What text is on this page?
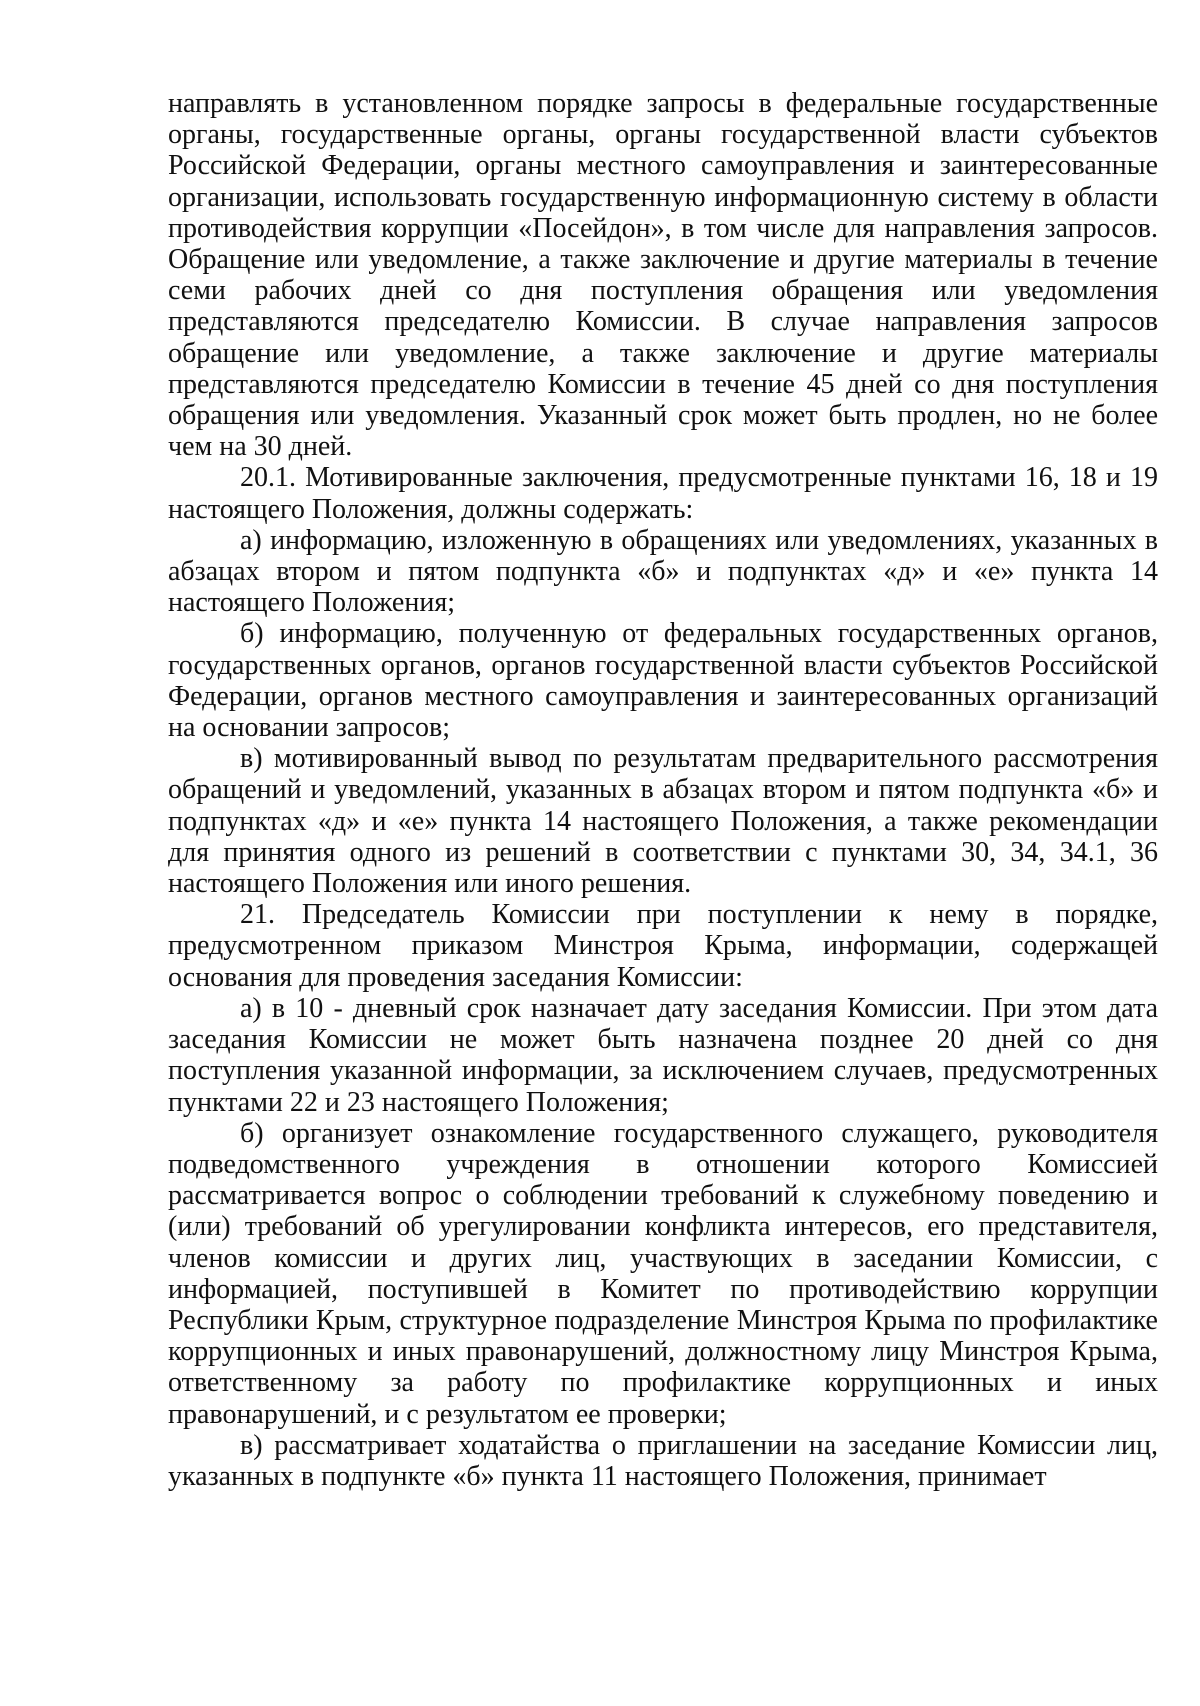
направлять в установленном порядке запросы в федеральные государственные органы, государственные органы, органы государственной власти субъектов Российской Федерации, органы местного самоуправления и заинтересованные организации, использовать государственную информационную систему в области противодействия коррупции «Посейдон», в том числе для направления запросов. Обращение или уведомление, а также заключение и другие материалы в течение семи рабочих дней со дня поступления обращения или уведомления представляются председателю Комиссии. В случае направления запросов обращение или уведомление, а также заключение и другие материалы представляются председателю Комиссии в течение 45 дней со дня поступления обращения или уведомления. Указанный срок может быть продлен, но не более чем на 30 дней.

20.1. Мотивированные заключения, предусмотренные пунктами 16, 18 и 19 настоящего Положения, должны содержать:

а) информацию, изложенную в обращениях или уведомлениях, указанных в абзацах втором и пятом подпункта «б» и подпунктах «д» и «е» пункта 14 настоящего Положения;

б) информацию, полученную от федеральных государственных органов, государственных органов, органов государственной власти субъектов Российской Федерации, органов местного самоуправления и заинтересованных организаций на основании запросов;

в) мотивированный вывод по результатам предварительного рассмотрения обращений и уведомлений, указанных в абзацах втором и пятом подпункта «б» и подпунктах «д» и «е» пункта 14 настоящего Положения, а также рекомендации для принятия одного из решений в соответствии с пунктами 30, 34, 34.1, 36 настоящего Положения или иного решения.

21. Председатель Комиссии при поступлении к нему в порядке, предусмотренном приказом Минстроя Крыма, информации, содержащей основания для проведения заседания Комиссии:

а) в 10 - дневный срок назначает дату заседания Комиссии. При этом дата заседания Комиссии не может быть назначена позднее 20 дней со дня поступления указанной информации, за исключением случаев, предусмотренных пунктами 22 и 23 настоящего Положения;

б) организует ознакомление государственного служащего, руководителя подведомственного учреждения в отношении которого Комиссией рассматривается вопрос о соблюдении требований к служебному поведению и (или) требований об урегулировании конфликта интересов, его представителя, членов комиссии и других лиц, участвующих в заседании Комиссии, с информацией, поступившей в Комитет по противодействию коррупции Республики Крым, структурное подразделение Минстроя Крыма по профилактике коррупционных и иных правонарушений, должностному лицу Минстроя Крыма, ответственному за работу по профилактике коррупционных и иных правонарушений, и с результатом ее проверки;

в) рассматривает ходатайства о приглашении на заседание Комиссии лиц, указанных в подпункте «б» пункта 11 настоящего Положения, принимает
